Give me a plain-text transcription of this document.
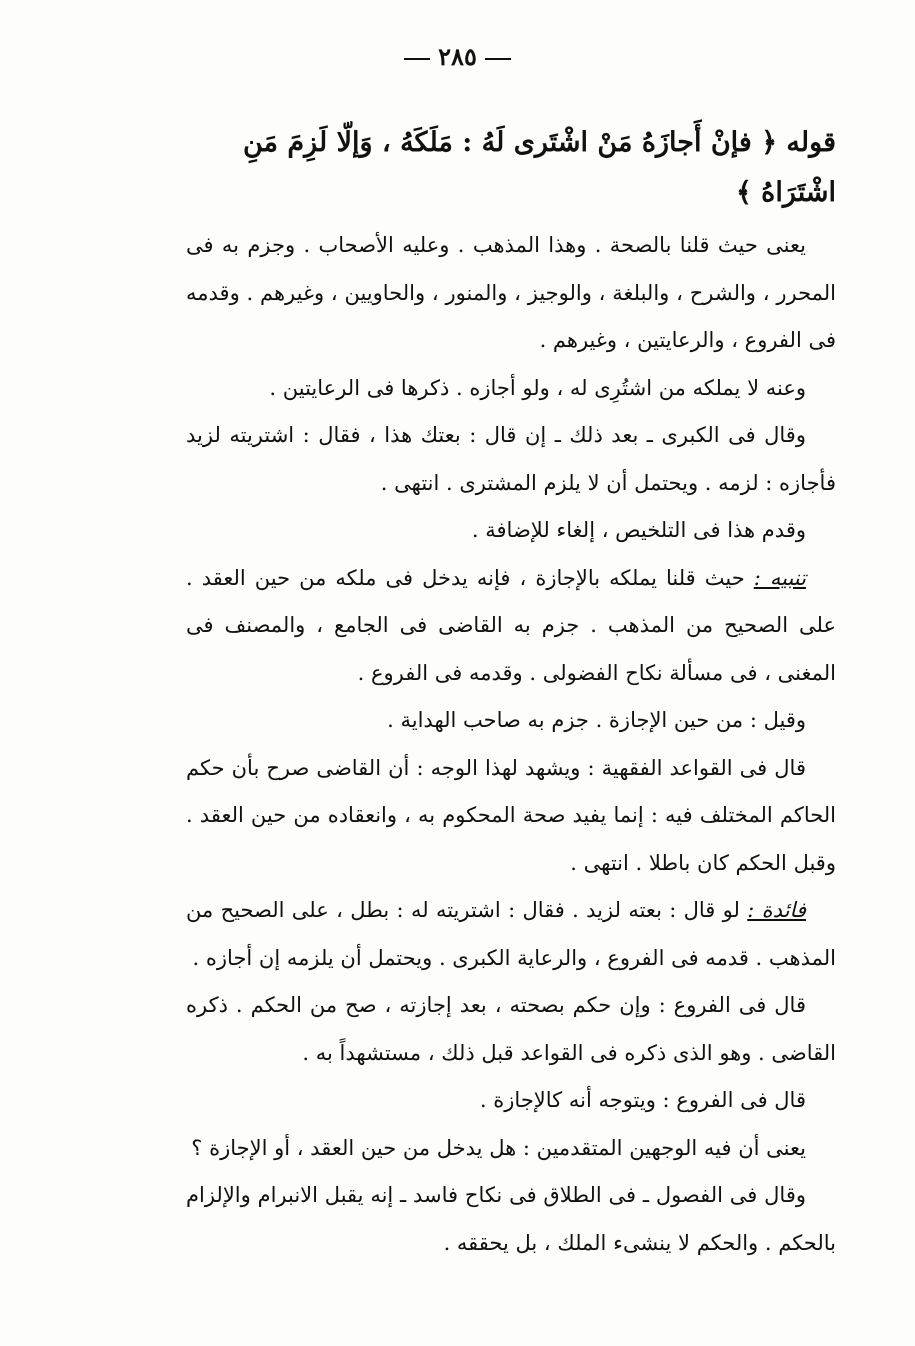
٢٨٥

قوله ﴿ فإنْ أَجازَهُ مَنْ اشْتَرى لَهُ : مَلَكَهُ ، وَإلّا لَزِمَ مَنِ اشْتَرَاهُ ﴾

يعنى حيث قلنا بالصحة . وهذا المذهب . وعليه الأصحاب . وجزم به فى المحرر ، والشرح ، والبلغة ، والوجيز ، والمنور ، والحاويين ، وغيرهم . وقدمه فى الفروع ، والرعايتين ، وغيرهم .

وعنه لا يملكه من اشتُرِى له ، ولو أجازه . ذكرها فى الرعايتين .

وقال فى الكبرى ـ بعد ذلك ـ إن قال : بعتك هذا ، فقال : اشتريته لزيد فأجازه : لزمه . ويحتمل أن لا يلزم المشترى . انتهى .

وقدم هذا فى التلخيص ، إلغاء للإضافة .

تنبيه : حيث قلنا يملكه بالإجازة ، فإنه يدخل فى ملكه من حين العقد . على الصحيح من المذهب . جزم به القاضى فى الجامع ، والمصنف فى المغنى ، فى مسألة نكاح الفضولى . وقدمه فى الفروع .

وقيل : من حين الإجازة . جزم به صاحب الهداية .

قال فى القواعد الفقهية : ويشهد لهذا الوجه : أن القاضى صرح بأن حكم الحاكم المختلف فيه : إنما يفيد صحة المحكوم به ، وانعقاده من حين العقد . وقبل الحكم كان باطلا . انتهى .

فائدة : لو قال : بعته لزيد . فقال : اشتريته له : بطل ، على الصحيح من المذهب . قدمه فى الفروع ، والرعاية الكبرى . ويحتمل أن يلزمه إن أجازه .

قال فى الفروع : وإن حكم بصحته ، بعد إجازته ، صح من الحكم . ذكره القاضى . وهو الذى ذكره فى القواعد قبل ذلك ، مستشهداً به .

قال فى الفروع : ويتوجه أنه كالإجازة .

يعنى أن فيه الوجهين المتقدمين : هل يدخل من حين العقد ، أو الإجازة ؟

وقال فى الفصول ـ فى الطلاق فى نكاح فاسد ـ إنه يقبل الانبرام والإلزام بالحكم . والحكم لا ينشىء الملك ، بل يحققه .
